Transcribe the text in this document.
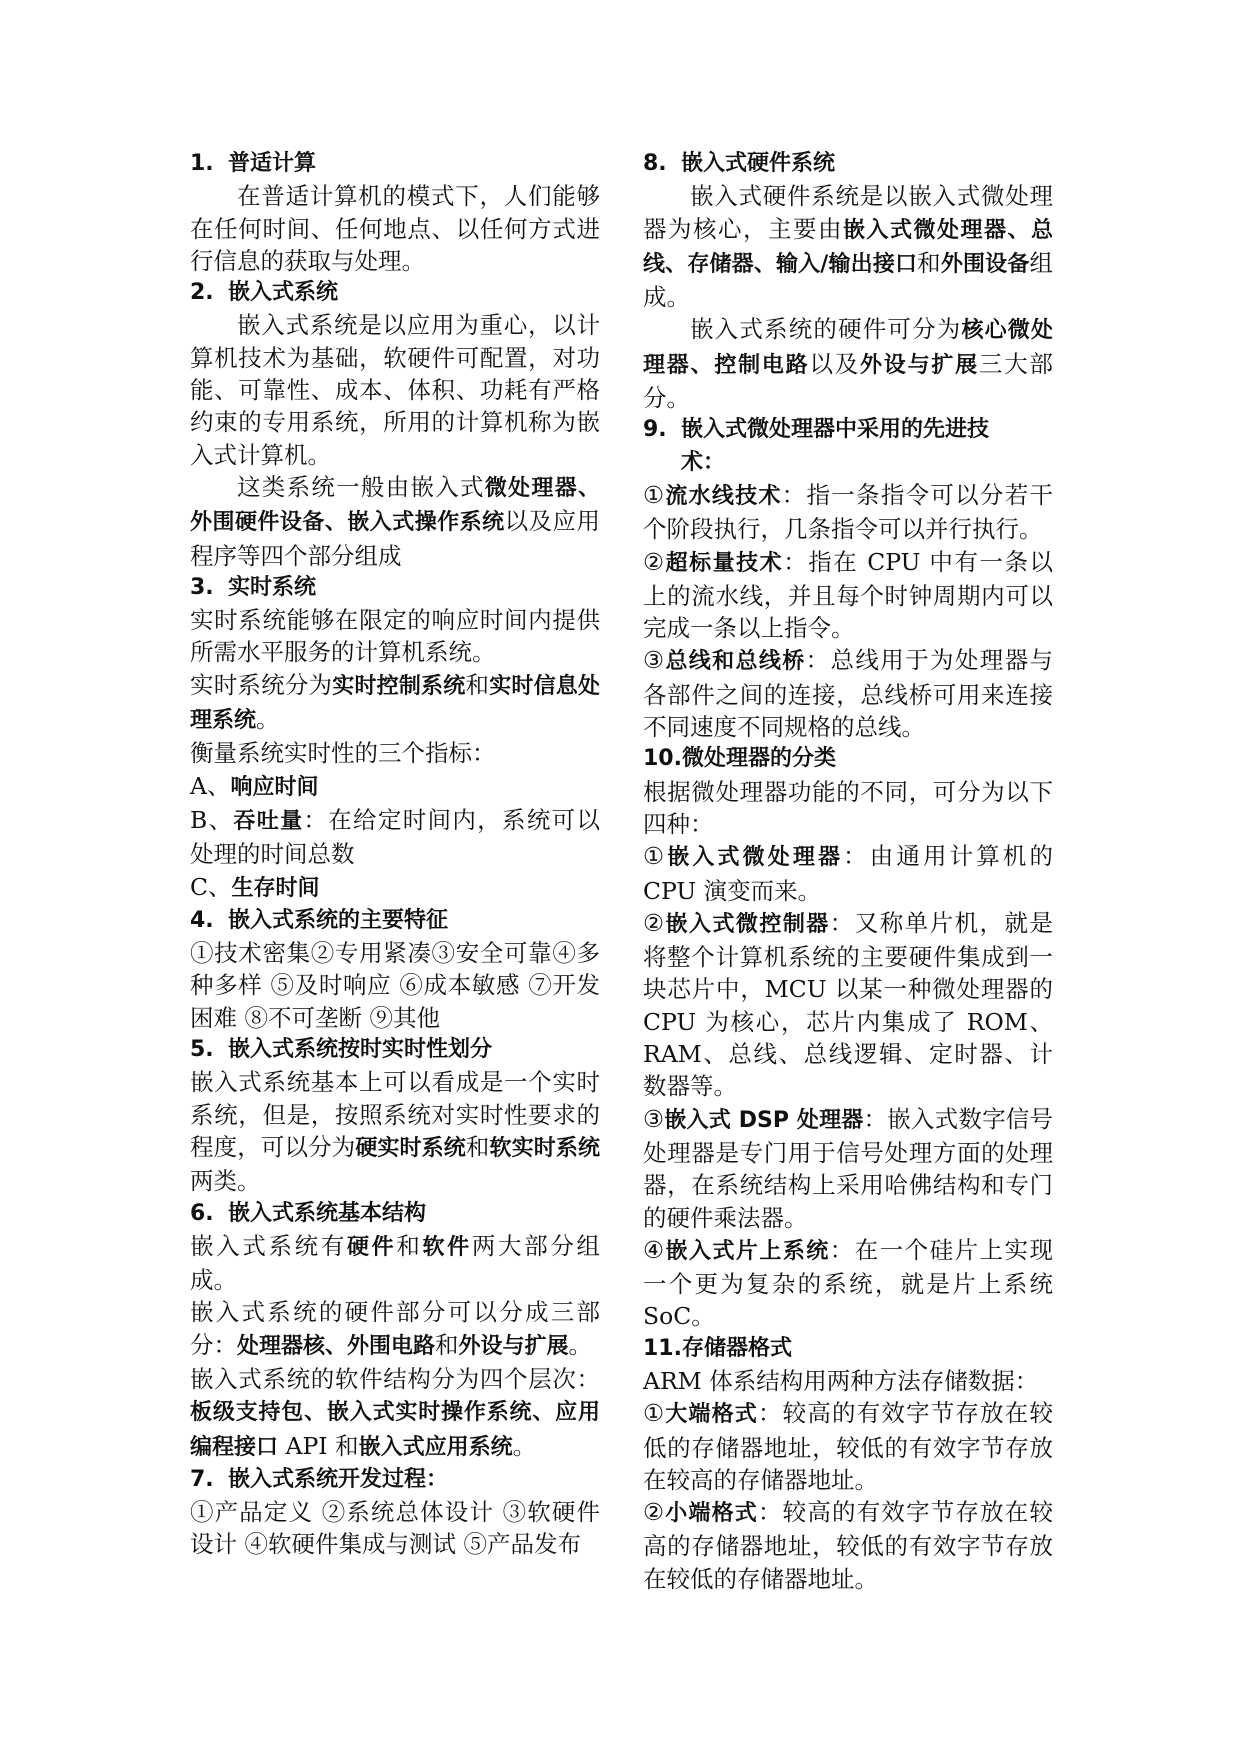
1. 普适计算

在普适计算机的模式下，人们能够在任何时间、任何地点、以任何方式进行信息的获取与处理。

2. 嵌入式系统

嵌入式系统是以应用为重心，以计算机技术为基础，软硬件可配置，对功能、可靠性、成本、体积、功耗有严格约束的专用系统，所用的计算机称为嵌入式计算机。

这类系统一般由嵌入式微处理器、外围硬件设备、嵌入式操作系统以及应用程序等四个部分组成

3. 实时系统

实时系统能够在限定的响应时间内提供所需水平服务的计算机系统。

实时系统分为实时控制系统和实时信息处理系统。

衡量系统实时性的三个指标：

A、响应时间

B、吞吐量：在给定时间内，系统可以处理的时间总数

C、生存时间

4. 嵌入式系统的主要特征

①技术密集②专用紧凑③安全可靠④多种多样 ⑤及时响应 ⑥成本敏感 ⑦开发困难 ⑧不可垄断 ⑨其他

5. 嵌入式系统按时实时性划分

嵌入式系统基本上可以看成是一个实时系统，但是，按照系统对实时性要求的程度，可以分为硬实时系统和软实时系统两类。

6. 嵌入式系统基本结构

嵌入式系统有硬件和软件两大部分组成。

嵌入式系统的硬件部分可以分成三部分：处理器核、外围电路和外设与扩展。

嵌入式系统的软件结构分为四个层次：板级支持包、嵌入式实时操作系统、应用编程接口 API 和嵌入式应用系统。

7. 嵌入式系统开发过程：

①产品定义 ②系统总体设计 ③软硬件设计 ④软硬件集成与测试 ⑤产品发布

8. 嵌入式硬件系统

嵌入式硬件系统是以嵌入式微处理器为核心，主要由嵌入式微处理器、总线、存储器、输入/输出接口和外围设备组成。

嵌入式系统的硬件可分为核心微处理器、控制电路以及外设与扩展三大部分。

9. 嵌入式微处理器中采用的先进技
术：

①流水线技术：指一条指令可以分若干个阶段执行，几条指令可以并行执行。

②超标量技术：指在 CPU 中有一条以上的流水线，并且每个时钟周期内可以完成一条以上指令。

③总线和总线桥：总线用于为处理器与各部件之间的连接，总线桥可用来连接不同速度不同规格的总线。

10.微处理器的分类

根据微处理器功能的不同，可分为以下四种：

①嵌入式微处理器：由通用计算机的 CPU 演变而来。

②嵌入式微控制器：又称单片机，就是将整个计算机系统的主要硬件集成到一块芯片中，MCU 以某一种微处理器的 CPU 为核心，芯片内集成了 ROM、RAM、总线、总线逻辑、定时器、计数器等。

③嵌入式 DSP 处理器：嵌入式数字信号处理器是专门用于信号处理方面的处理器，在系统结构上采用哈佛结构和专门的硬件乘法器。

④嵌入式片上系统：在一个硅片上实现一个更为复杂的系统，就是片上系统 SoC。

11.存储器格式

ARM 体系结构用两种方法存储数据：

①大端格式：较高的有效字节存放在较低的存储器地址，较低的有效字节存放在较高的存储器地址。

②小端格式：较高的有效字节存放在较高的存储器地址，较低的有效字节存放在较低的存储器地址。
